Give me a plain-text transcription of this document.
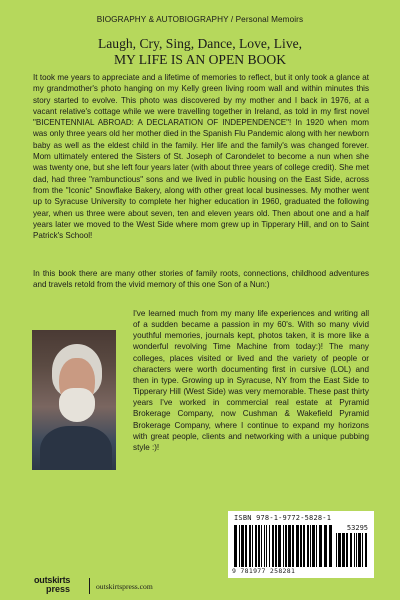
BIOGRAPHY & AUTOBIOGRAPHY / Personal Memoirs
Laugh, Cry, Sing, Dance, Love, Live,
MY LIFE IS AN OPEN BOOK
It took me years to appreciate and a lifetime of memories to reflect, but it only took a glance at my grandmother's photo hanging on my Kelly green living room wall and within minutes this story started to evolve. This photo was discovered by my mother and I back in 1976, at a vacant relative's cottage while we were travelling together in Ireland, as told in my first novel "BICENTENNIAL ABROAD: A DECLARATION OF INDEPENDENCE"! In 1920 when mom was only three years old her mother died in the Spanish Flu Pandemic along with her newborn baby as well as the eldest child in the family. Her life and the family's was changed forever. Mom ultimately entered the Sisters of St. Joseph of Carondelet to become a nun when she was twenty one, but she left four years later (with about three years of college credit). She met dad, had three "rambunctious" sons and we lived in public housing on the East Side, across from the "Iconic" Snowflake Bakery, along with other great local businesses. My mother went up to Syracuse University to complete her higher education in 1960, graduated the following year, when us three were about seven, ten and eleven years old. Then about one and a half years later we moved to the West Side where mom grew up in Tipperary Hill, and on to Saint Patrick's School!
In this book there are many other stories of family roots, connections, childhood adventures and travels retold from the vivid memory of this one Son of a Nun:)
I've learned much from my many life experiences and writing all of a sudden became a passion in my 60's. With so many vivid youthful memories, journals kept, photos taken, it is more like a wonderful revolving Time Machine from today:)! The many colleges, places visited or lived and the variety of people or characters were worth documenting first in cursive (LOL) and then in type. Growing up in Syracuse, NY from the East Side to Tipperary Hill (West Side) was very memorable. These past thirty years I've worked in commercial real estate at Pyramid Brokerage Company, now Cushman & Wakefield Pyramid Brokerage Company, where I continue to expand my horizons with great people, clients and networking with a unique pubbing style :)!
ISBN 978-1-9772-5828-1
53295
9 781977 258281
outskirts
press	outskirtspress.com
